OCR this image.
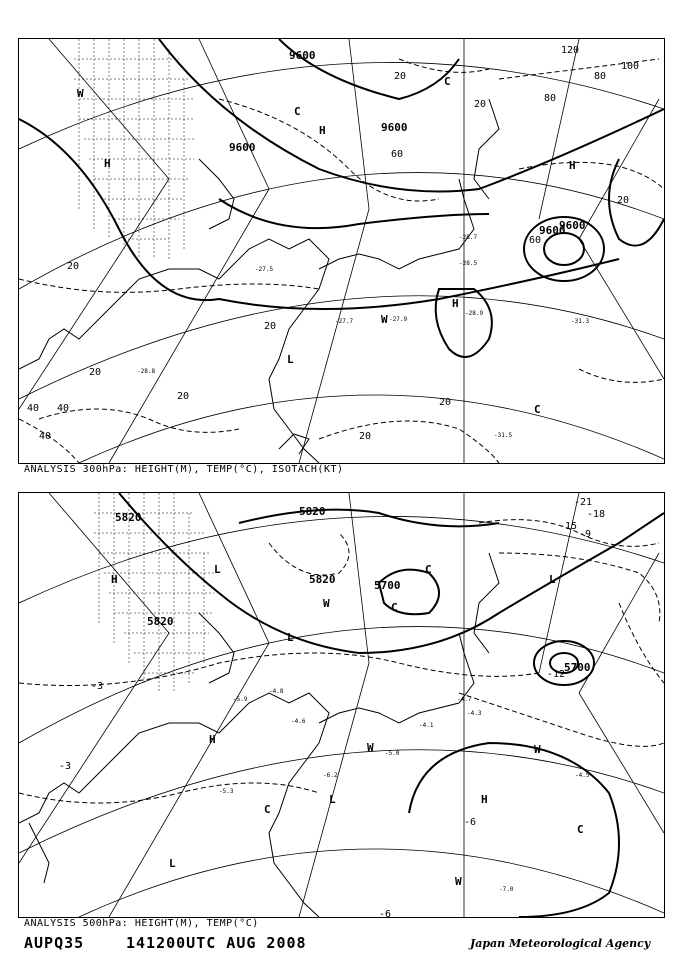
9600
9600
9600
9600
9600
20
20
20
20
20
20
20
20
20
40 40
40
60
60
80
80
100
120
H
H
H	H
C
C
C
L
W
W
-28.7
-28.5
-27.9
-27.7
-27.5
-28.8
-28.9
-31.5
-31.3
ANALYSIS 300hPa: HEIGHT(M), TEMP(°C), ISOTACH(KT)
5820
5820
5820
5820
5700
5700
-3
-3
-6
-6
-9
-12
-15
-18
-21
H
H
H
L
L
L
L
L
C
C
C
C
W
W	W
W
-4.8
-4.6
-5.9
-6.2
-5.0
-4.5
-4.3
-4.1
-4.7
-5.3
-7.0
ANALYSIS 500hPa: HEIGHT(M), TEMP(°C)
AUPQ35	141200UTC AUG 2008	Japan Meteorological Agency
